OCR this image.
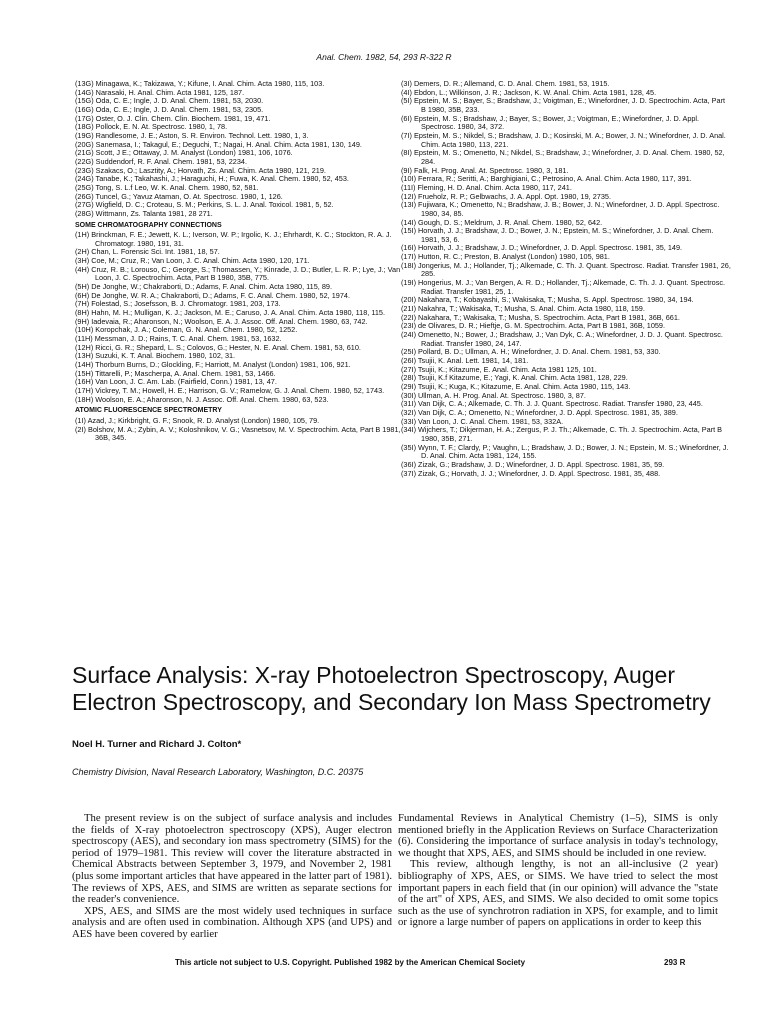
Anal. Chem. 1982, 54, 293 R-322 R
(13G) Minagawa, K.; Takizawa, Y.; Kifune, I. Anal. Chim. Acta 1980, 115, 103.
(14G) Narasaki, H. Anal. Chim. Acta 1981, 125, 187.
(15G) Oda, C. E.; Ingle, J. D. Anal. Chem. 1981, 53, 2030.
(16G) Oda, C. E.; Ingle, J. D. Anal. Chem. 1981, 53, 2305.
(17G) Oster, O. J. Clin. Chem. Clin. Biochem. 1981, 19, 471.
(18G) Pollock, E. N. At. Spectrosc. 1980, 1, 78.
(19G) Randlesome, J. E.; Aston, S. R. Environ. Technol. Lett. 1980, 1, 3.
(20G) Sanemasa, I.; Takagul, E.; Deguchi, T.; Nagai, H. Anal. Chim. Acta 1981, 130, 149.
(21G) Scott, J E.; Ottaway, J. M. Analyst (London) 1981, 106, 1076.
(22G) Suddendorf, R. F. Anal. Chem. 1981, 53, 2234.
(23G) Szakacs, O.; Lasztity, A.; Horvath, Zs. Anal. Chim. Acta 1980, 121, 219.
(24G) Tanabe, K.; Takahashi, J.; Haraguchi, H.; Fuwa, K. Anal. Chem. 1980, 52, 453.
(25G) Tong, S. L.f Leo, W. K. Anal. Chem. 1980, 52, 581.
(26G) Tuncel, G.; Yavuz Ataman, O. At. Spectrosc. 1980, 1, 126.
(27G) Wigfield, D. C.; Croteau, S. M.; Perkins, S. L. J. Anal. Toxicol. 1981, 5, 52.
(28G) Wittmann, Zs. Talanta 1981, 28 271.
SOME CHROMATOGRAPHY CONNECTIONS
(1H) Brinckman, F. E.; Jewett, K. L.; Iverson, W. P.; Irgolic, K. J.; Ehrhardt, K. C.; Stockton, R. A. J. Chromatogr. 1980, 191, 31.
(2H) Chan, L. Forensic Sci. Int. 1981, 18, 57.
(3H) Coe, M.; Cruz, R.; Van Loon, J. C. Anal. Chim. Acta 1980, 120, 171.
(4H) Cruz, R. B.; Lorouso, C.; George, S.; Thomassen, Y.; Kinrade, J. D.; Butler, L. R. P.; Lye, J.; Van Loon, J. C. Spectrochim. Acta, Part B 1980, 35B, 775.
(5H) De Jonghe, W.; Chakraborti, D.; Adams, F. Anal. Chim. Acta 1980, 115, 89.
(6H) De Jonghe, W. R. A.; Chakraborti, D.; Adams, F. C. Anal. Chem. 1980, 52, 1974.
(7H) Folestad, S.; Josefsson, B. J. Chromatogr. 1981, 203, 173.
(8H) Hahn, M. H.; Mulligan, K. J.; Jackson, M. E.; Caruso, J. A. Anal. Chim. Acta 1980, 118, 115.
(9H) Iadevaia, R.; Aharonson, N.; Woolson, E. A. J. Assoc. Off. Anal. Chem. 1980, 63, 742.
(10H) Koropchak, J. A.; Coleman, G. N. Anal. Chem. 1980, 52, 1252.
(11H) Messman, J. D.; Rains, T. C. Anal. Chem. 1981, 53, 1632.
(12H) Ricci, G. R.; Shepard, L. S.; Colovos, G.; Hester, N. E. Anal. Chem. 1981, 53, 610.
(13H) Suzuki, K. T. Anal. Biochem. 1980, 102, 31.
(14H) Thorburn Burns, D.; Glockling, F.; Harriott, M. Analyst (London) 1981, 106, 921.
(15H) Tittarelli, P.; Mascherpa, A. Anal. Chem. 1981, 53, 1466.
(16H) Van Loon, J. C. Am. Lab. (Fairfield, Conn.) 1981, 13, 47.
(17H) Vickrey, T. M.; Howell, H. E.; Harrison, G. V.; Ramelow, G. J. Anal. Chem. 1980, 52, 1743.
(18H) Woolson, E. A.; Aharonson, N. J. Assoc. Off. Anal. Chem. 1980, 63, 523.
ATOMIC FLUORESCENCE SPECTROMETRY
(1I) Azad, J.; Kirkbright, G. F.; Snook, R. D. Analyst (London) 1980, 105, 79.
(2I) Bolshov, M. A.; Zybin, A. V.; Koloshnikov, V. G.; Vasnetsov, M. V. Spectrochim. Acta, Part B 1981, 36B, 345.
(3I) Demers, D. R.; Allemand, C. D. Anal. Chem. 1981, 53, 1915.
(4I) Ebdon, L.; Wilkinson, J. R.; Jackson, K. W. Anal. Chim. Acta 1981, 128, 45.
(5I) Epstein, M. S.; Bayer, S.; Bradshaw, J.; Voigtman, E.; Winefordner, J. D. Spectrochim. Acta, Part B 1980, 35B, 233.
(6I) Epstein, M. S.; Bradshaw, J.; Bayer, S.; Bower, J.; Voigtman, E.; Winefordner, J. D. Appl. Spectrosc. 1980, 34, 372.
(7I) Epstein, M. S.; Nikdel, S.; Bradshaw, J. D.; Kosinski, M. A.; Bower, J. N.; Winefordner, J. D. Anal. Chim. Acta 1980, 113, 221.
(8I) Epstein, M. S.; Omenetto, N.; Nikdel, S.; Bradshaw, J.; Winefordner, J. D. Anal. Chem. 1980, 52, 284.
(9I) Falk, H. Prog. Anal. At. Spectrosc. 1980, 3, 181.
(10I) Ferrara, R.; Seritti, A.; Barghigiani, C.; Petrosino, A. Anal. Chim. Acta 1980, 117, 391.
(11I) Fleming, H. D. Anal. Chim. Acta 1980, 117, 241.
(12I) Frueholz, R. P.; Gelbwachs, J. A. Appl. Opt. 1980, 19, 2735.
(13I) Fujiwara, K.; Omenetto, N.; Bradshaw, J. B.; Bower, J. N.; Winefordner, J. D. Appl. Spectrosc. 1980, 34, 85.
(14I) Gough, D. S.; Meldrum, J. R. Anal. Chem. 1980, 52, 642.
(15I) Horvath, J. J.; Bradshaw, J. D.; Bower, J. N.; Epstein, M. S.; Winefordner, J. D. Anal. Chem. 1981, 53, 6.
(16I) Horvath, J. J.; Bradshaw, J. D.; Winefordner, J. D. Appl. Spectrosc. 1981, 35, 149.
(17I) Hutton, R. C.; Preston, B. Analyst (London) 1980, 105, 981.
(18I) Jongerius, M. J.; Hollander, Tj.; Alkemade, C. Th. J. Quant. Spectrosc. Radiat. Transfer 1981, 26, 285.
(19I) Hongerius, M. J.; Van Bergen, A. R. D.; Hollander, Tj.; Alkemade, C. Th. J. J. Quant. Spectrosc. Radiat. Transfer 1981, 25, 1.
(20I) Nakahara, T.; Kobayashi, S.; Wakisaka, T.; Musha, S. Appl. Spectrosc. 1980, 34, 194.
(21I) Nakahra, T.; Wakisaka, T.; Musha, S. Anal. Chim. Acta 1980, 118, 159.
(22I) Nakahara, T.; Wakisaka, T.; Musha, S. Spectrochim. Acta, Part B 1981, 36B, 661.
(23I) de Olivares, D. R.; Hieftje, G. M. Spectrochim. Acta, Part B 1981, 36B, 1059.
(24I) Omenetto, N.; Bower, J.; Bradshaw, J.; Van Dyk, C. A.; Winefordner, J. D. J. Quant. Spectrosc. Radiat. Transfer 1980, 24, 147.
(25I) Pollard, B. D.; Ullman, A. H.; Winefordner, J. D. Anal. Chem. 1981, 53, 330.
(26I) Tsujii, K. Anal. Lett. 1981, 14, 181.
(27I) Tsujii, K.; Kitazume, E. Anal. Chim. Acta 1981 125, 101.
(28I) Tsujii, K.f Kitazume, E.; Yagi, K. Anal. Chim. Acta 1981, 128, 229.
(29I) Tsujii, K.; Kuga, K.; Kitazume, E. Anal. Chim. Acta 1980, 115, 143.
(30I) Ullman, A. H. Prog. Anal. At. Spectrosc. 1980, 3, 87.
(31I) Van Dijk, C. A.; Alkemade, C. Th. J. J. Quant. Spectrosc. Radiat. Transfer 1980, 23, 445.
(32I) Van Dijk, C. A.; Omenetto, N.; Winefordner, J. D. Appl. Spectrosc. 1981, 35, 389.
(33I) Van Loon, J. C. Anal. Chem. 1981, 53, 332A.
(34I) Wijchers, T.; Dikjerman, H. A.; Zergus, P. J. Th.; Alkemade, C. Th. J. Spectrochim. Acta, Part B 1980, 35B, 271.
(35I) Wynn, T. F.; Clardy, P.; Vaughn, L.; Bradshaw, J. D.; Bower, J. N.; Epstein, M. S.; Winefordner, J. D. Anal. Chim. Acta 1981, 124, 155.
(36I) Zizak, G.; Bradshaw, J. D.; Winefordner, J. D. Appl. Spectrosc. 1981, 35, 59.
(37I) Zizak, G.; Horvath, J. J.; Winefordner, J. D. Appl. Spectrosc. 1981, 35, 488.
Surface Analysis: X-ray Photoelectron Spectroscopy, Auger Electron Spectroscopy, and Secondary Ion Mass Spectrometry
Noel H. Turner and Richard J. Colton*
Chemistry Division, Naval Research Laboratory, Washington, D.C. 20375

The present review is on the subject of surface analysis and includes the fields of X-ray photoelectron spectroscopy (XPS), Auger electron spectroscopy (AES), and secondary ion mass spectrometry (SIMS) for the period of 1979–1981. This review will cover the literature abstracted in Chemical Abstracts between September 3, 1979, and November 2, 1981 (plus some important articles that have appeared in the latter part of 1981). The reviews of XPS, AES, and SIMS are written as separate sections for the reader's convenience.

XPS, AES, and SIMS are the most widely used techniques in surface analysis and are often used in combination. Although XPS (and UPS) and AES have been covered by earlier

Fundamental Reviews in Analytical Chemistry (1–5), SIMS is only mentioned briefly in the Application Reviews on Surface Characterization (6). Considering the importance of surface analysis in today's technology, we thought that XPS, AES, and SIMS should be included in one review.

This review, although lengthy, is not an all-inclusive (2 year) bibliography of XPS, AES, or SIMS. We have tried to select the most important papers in each field that (in our opinion) will advance the "state of the art" of XPS, AES, and SIMS. We also decided to omit some topics such as the use of synchrotron radiation in XPS, for example, and to limit or ignore a large number of papers on applications in order to keep this

This article not subject to U.S. Copyright. Published 1982 by the American Chemical Society	293 R
